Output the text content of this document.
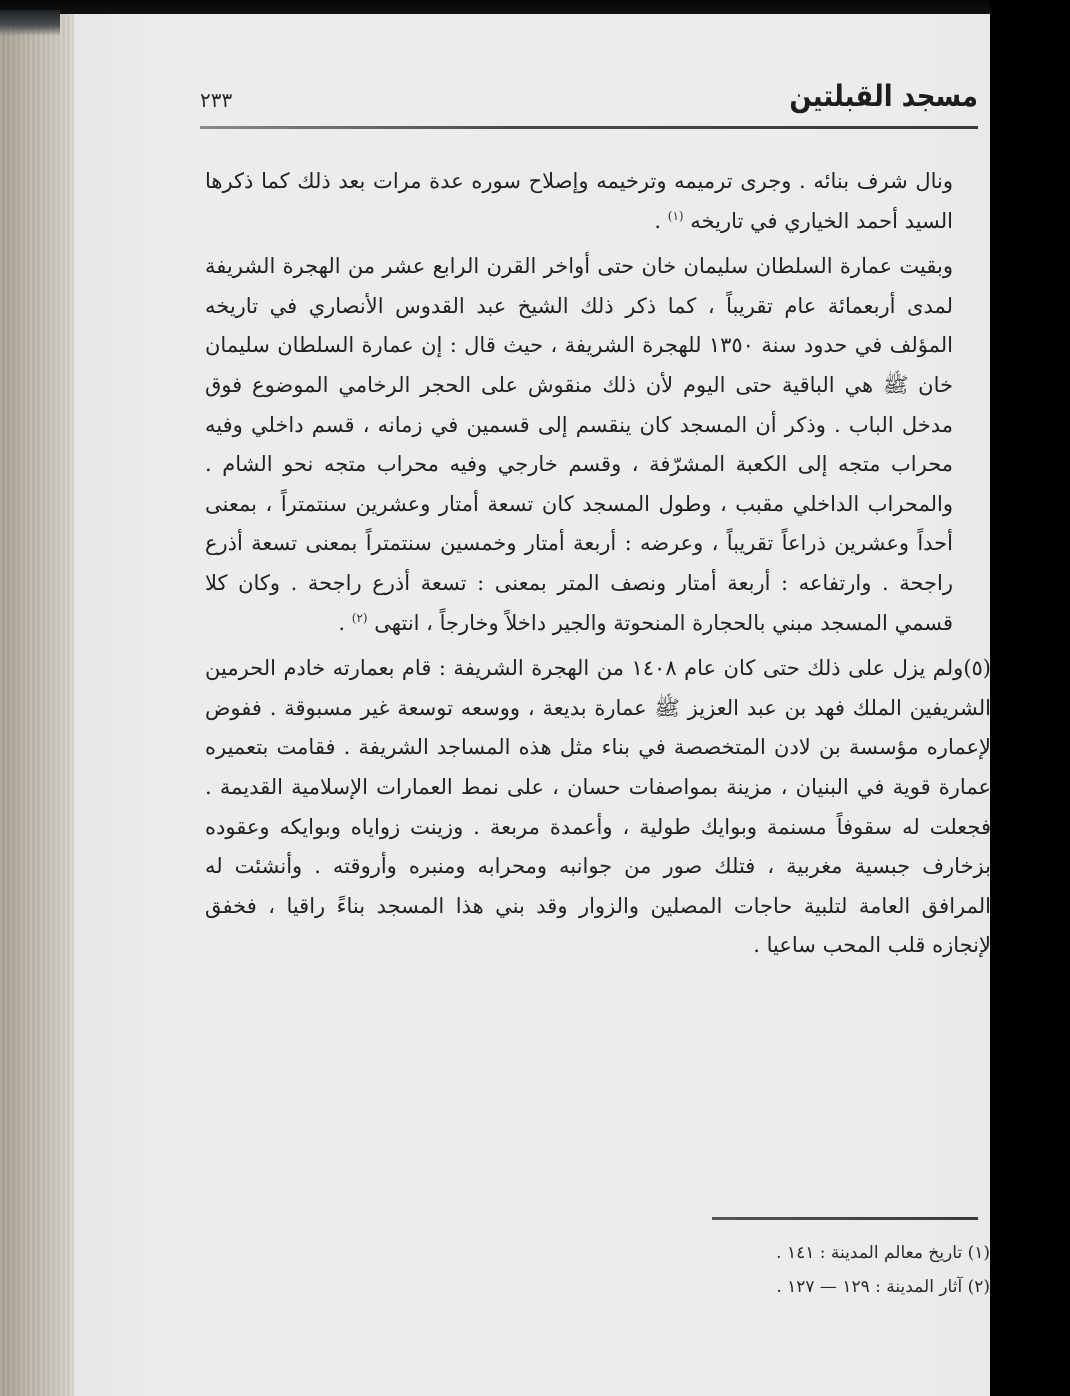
مسجد القبلتين
٢٣٣

ونال شرف بنائه . وجرى ترميمه وترخيمه وإصلاح سوره عدة مرات بعد ذلك كما ذكرها السيد أحمد الخياري في تاريخه $^{(١)}$ .

وبقيت عمارة السلطان سليمان خان حتى أواخر القرن الرابع عشر من الهجرة الشريفة لمدى أربعمائة عام تقريباً ، كما ذكر ذلك الشيخ عبد القدوس الأنصاري في تاريخه المؤلف في حدود سنة ١٣٥٠ للهجرة الشريفة ، حيث قال : إن عمارة السلطان سليمان خان ﷺ هي الباقية حتى اليوم لأن ذلك منقوش على الحجر الرخامي الموضوع فوق مدخل الباب . وذكر أن المسجد كان ينقسم إلى قسمين في زمانه ، قسم داخلي وفيه محراب متجه إلى الكعبة المشرّفة ، وقسم خارجي وفيه محراب متجه نحو الشام . والمحراب الداخلي مقبب ، وطول المسجد كان تسعة أمتار وعشرين سنتمتراً ، بمعنى أحداً وعشرين ذراعاً تقريباً ، وعرضه : أربعة أمتار وخمسين سنتمتراً بمعنى تسعة أذرع راجحة . وارتفاعه : أربعة أمتار ونصف المتر بمعنى : تسعة أذرع راجحة . وكان كلا قسمي المسجد مبني بالحجارة المنحوتة والجير داخلاً وخارجاً ، انتهى $^{(٢)}$ .

(٥)ولم يزل على ذلك حتى كان عام ١٤٠٨ من الهجرة الشريفة : قام بعمارته خادم الحرمين الشريفين الملك فهد بن عبد العزيز ﷺ عمارة بديعة ، ووسعه توسعة غير مسبوقة . ففوض لإعماره مؤسسة بن لادن المتخصصة في بناء مثل هذه المساجد الشريفة . فقامت بتعميره عمارة قوية في البنيان ، مزينة بمواصفات حسان ، على نمط العمارات الإسلامية القديمة . فجعلت له سقوفاً مسنمة وبوايك طولية ، وأعمدة مربعة . وزينت زواياه وبوايكه وعقوده بزخارف جبسية مغربية ، فتلك صور من جوانبه ومحرابه ومنبره وأروقته . وأنشئت له المرافق العامة لتلبية حاجات المصلين والزوار وقد بني هذا المسجد بناءً راقيا ، فخفق لإنجازه قلب المحب ساعيا .

(١) تاريخ معالم المدينة : ١٤١ .
(٢) آثار المدينة : ١٢٩ — ١٢٧ .
